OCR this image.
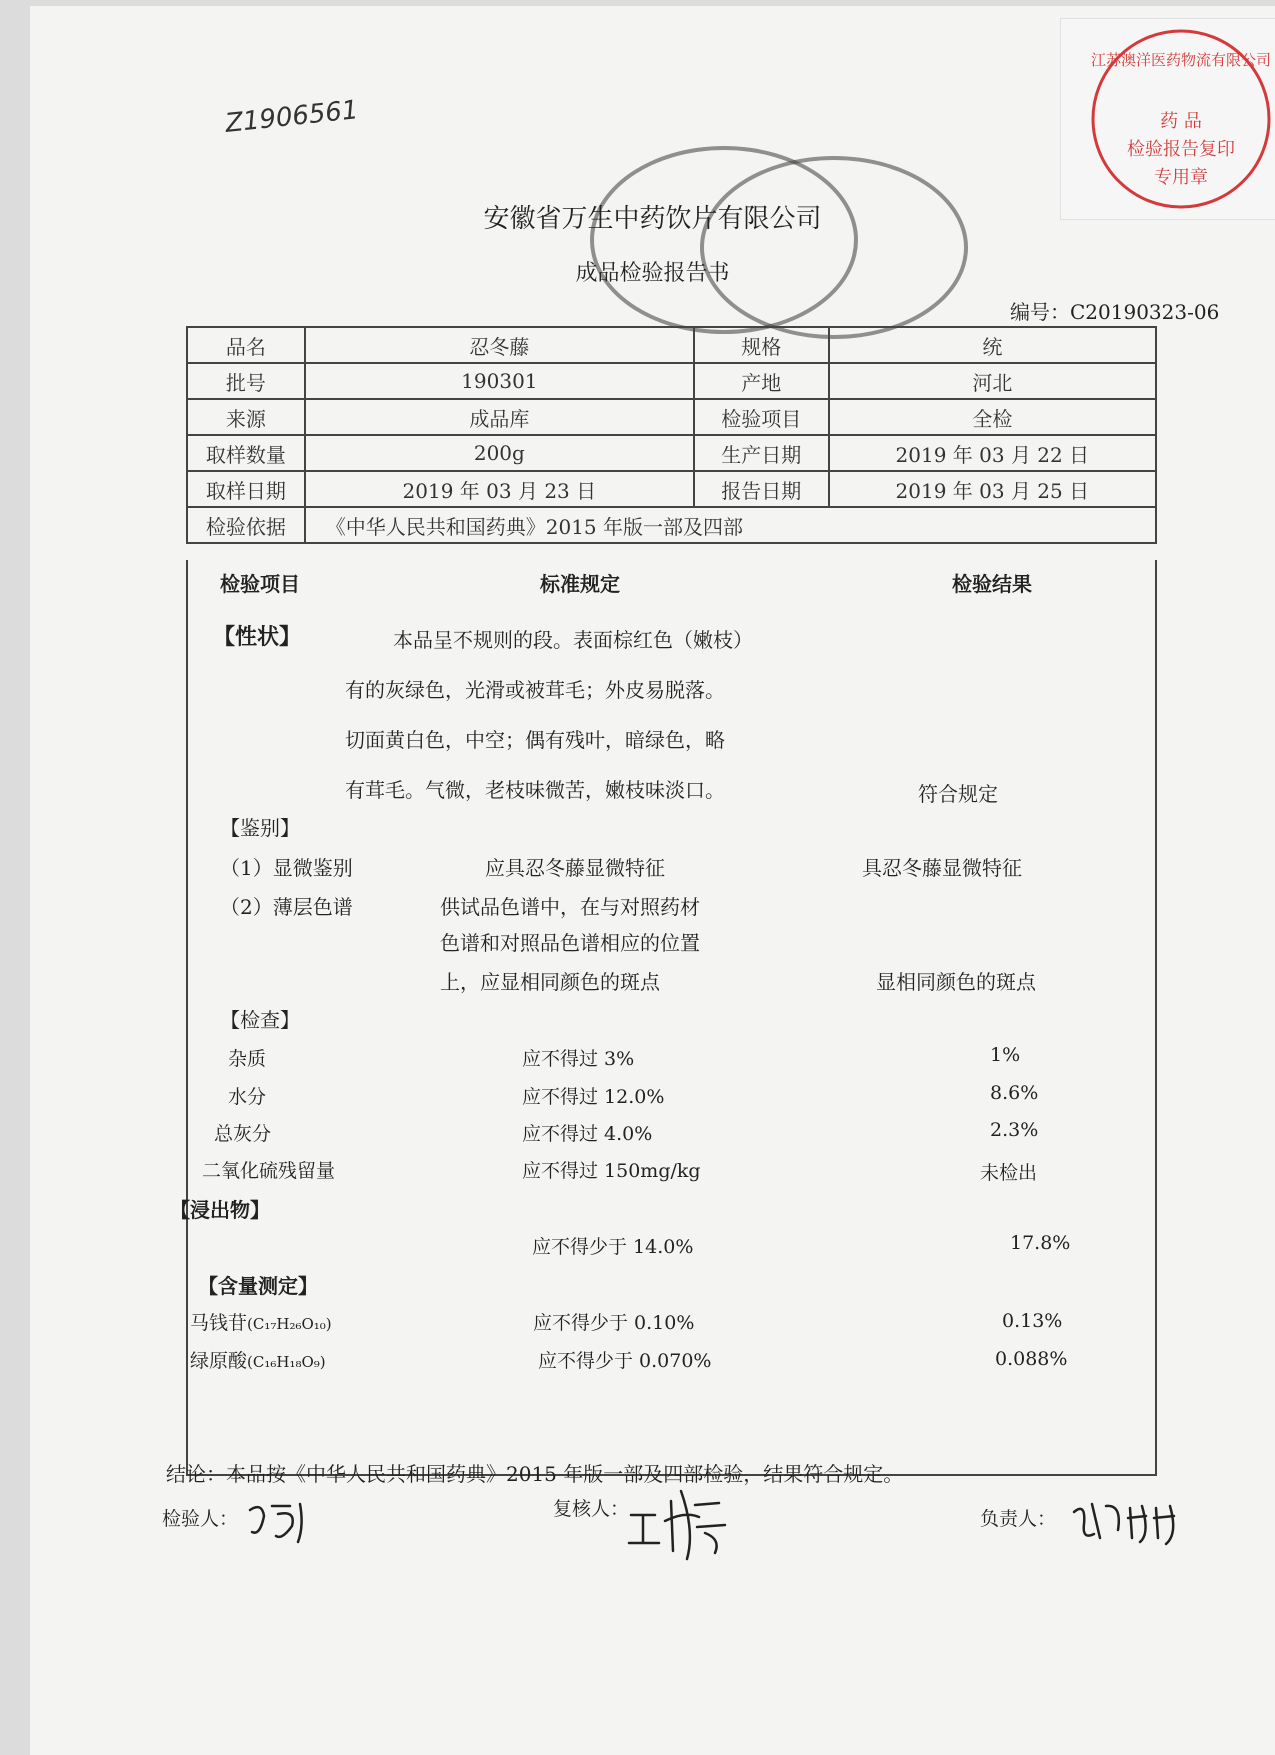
Z1906561
江苏澳洋医药物流有限公司
药 品
检验报告复印
专用章
安徽省万生中药饮片有限公司
成品检验报告书
编号：C20190323-06
品名	忍冬藤	规格	统
批号	190301	产地	河北
来源	成品库	检验项目	全检
取样数量	200g	生产日期	2019 年 03 月 22 日
取样日期	2019 年 03 月 23 日	报告日期	2019 年 03 月 25 日
检验依据	《中华人民共和国药典》2015 年版一部及四部		
检验项目	标准规定	检验结果
【性状】	本品呈不规则的段。表面棕红色（嫩枝）
有的灰绿色，光滑或被茸毛；外皮易脱落。
切面黄白色，中空；偶有残叶，暗绿色，略
有茸毛。气微，老枝味微苦，嫩枝味淡口。	符合规定
【鉴别】
（1）显微鉴别	应具忍冬藤显微特征	具忍冬藤显微特征
（2）薄层色谱	供试品色谱中，在与对照药材
色谱和对照品色谱相应的位置
上，应显相同颜色的斑点	显相同颜色的斑点
【检查】
杂质	应不得过 3%	1%
水分	应不得过 12.0%	8.6%
总灰分	应不得过 4.0%	2.3%
二氧化硫残留量	应不得过 150mg/kg	未检出
【浸出物】
应不得少于 14.0%	17.8%
【含量测定】
马钱苷(C₁₇H₂₆O₁₀)	应不得少于 0.10%	0.13%
绿原酸(C₁₆H₁₈O₉)	应不得少于 0.070%	0.088%
结论：本品按《中华人民共和国药典》2015 年版一部及四部检验，结果符合规定。
检验人：	复核人：	负责人：
